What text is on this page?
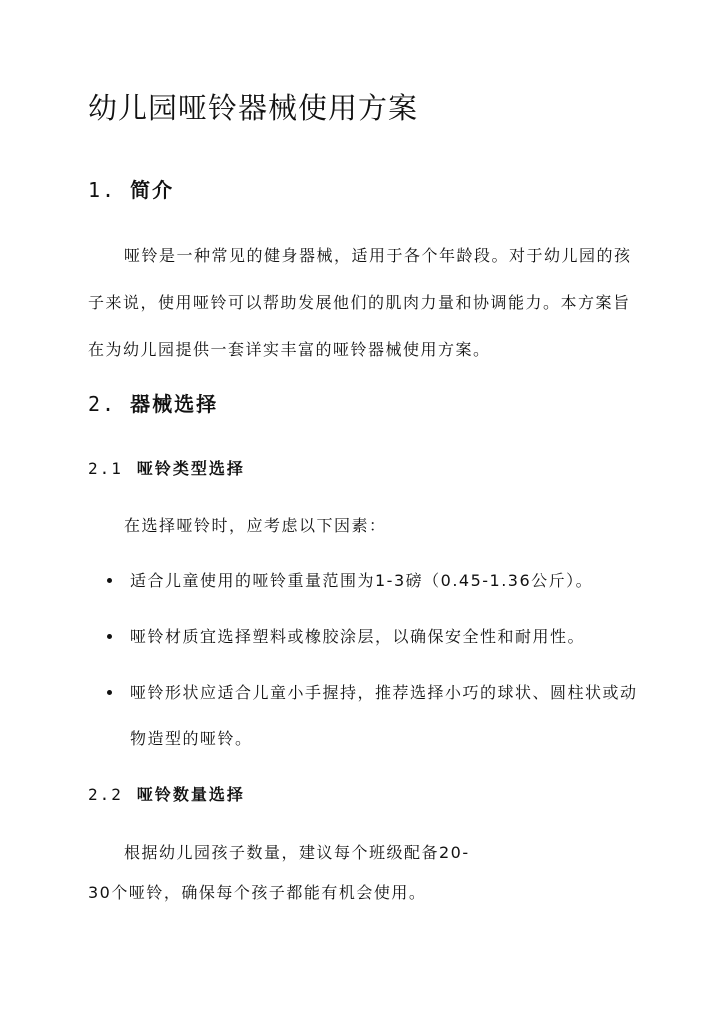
幼儿园哑铃器械使用方案
1. 简介

哑铃是一种常见的健身器械，适用于各个年龄段。对于幼儿园的孩子来说，使用哑铃可以帮助发展他们的肌肉力量和协调能力。本方案旨在为幼儿园提供一套详实丰富的哑铃器械使用方案。

2. 器械选择
2.1 哑铃类型选择

在选择哑铃时，应考虑以下因素：

适合儿童使用的哑铃重量范围为1-3磅（0.45-1.36公斤）。
哑铃材质宜选择塑料或橡胶涂层，以确保安全性和耐用性。
哑铃形状应适合儿童小手握持，推荐选择小巧的球状、圆柱状或动物造型的哑铃。
2.2 哑铃数量选择

根据幼儿园孩子数量，建议每个班级配备20-

30个哑铃，确保每个孩子都能有机会使用。
